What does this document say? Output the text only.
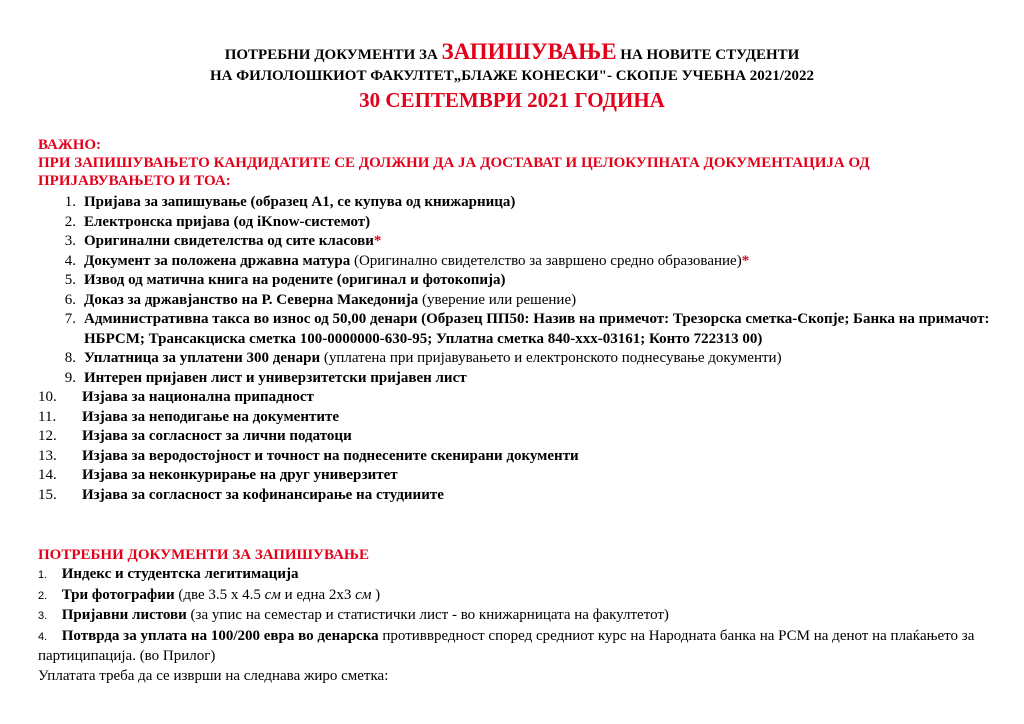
ПОТРЕБНИ ДОКУМЕНТИ ЗА ЗАПИШУВАЊЕ НА НОВИТЕ СТУДЕНТИ
НА ФИЛОЛОШКИОТ ФАКУЛТЕТ„БЛАЖЕ КОНЕСКИ"- СКОПЈЕ УЧЕБНА 2021/2022
30 СЕПТЕМВРИ 2021 ГОДИНА
ВАЖНО:
ПРИ ЗАПИШУВАЊЕТО КАНДИДАТИТЕ СЕ ДОЛЖНИ ДА ЈА ДОСТАВАТ И ЦЕЛОКУПНАТА ДОКУМЕНТАЦИЈА ОД ПРИЈАВУВАЊЕТО И ТОА:
1. Пријава за запишување (образец А1, се купува од книжарница)
2. Електронска пријава (од iKnow-системот)
3. Оригинални свидетелства од сите класови*
4. Документ за положена државна матура (Оригинално свидетелство за завршено средно образование)*
5. Извод од матична книга на родените (оригинал и фотокопија)
6. Доказ за државјанство на Р. Северна Македонија (уверение или решение)
7. Административна такса во износ од 50,00 денари (Образец ПП50: Назив на примечот: Трезорска сметка-Скопје; Банка на примачот: НБРСМ; Трансакциска сметка 100-0000000-630-95; Уплатна сметка 840-ххх-03161; Конто 722313 00)
8. Уплатница за уплатени 300 денари (уплатена при пријавувањето и електронското поднесување документи)
9. Интерен пријавен лист и универзитетски пријавен лист
10.	Изјава за национална припадност
11.	Изјава за неподигање на документите
12.	Изјава за согласност за лични податоци
13.	Изјава за веродостојност и точност на поднесените скенирани документи
14.	Изјава за неконкурирање на друг универзитет
15.	Изјава за согласност за кофинансирање на студииите
ПОТРЕБНИ ДОКУМЕНТИ ЗА ЗАПИШУВАЊЕ
1. Индекс и студентска легитимација
2. Три фотографии (две 3.5 х 4.5 см и една 2х3 см )
3. Пријавни листови (за упис на семестар и статистички лист - во книжарницата на факултетот)
4. Потврда за уплата на 100/200 евра во денарска противвредност според средниот курс на Народната банка на РСМ на денот на плаќањето за партиципација. (во Прилог)
Уплатата треба да се изврши на следнава жиро сметка:
